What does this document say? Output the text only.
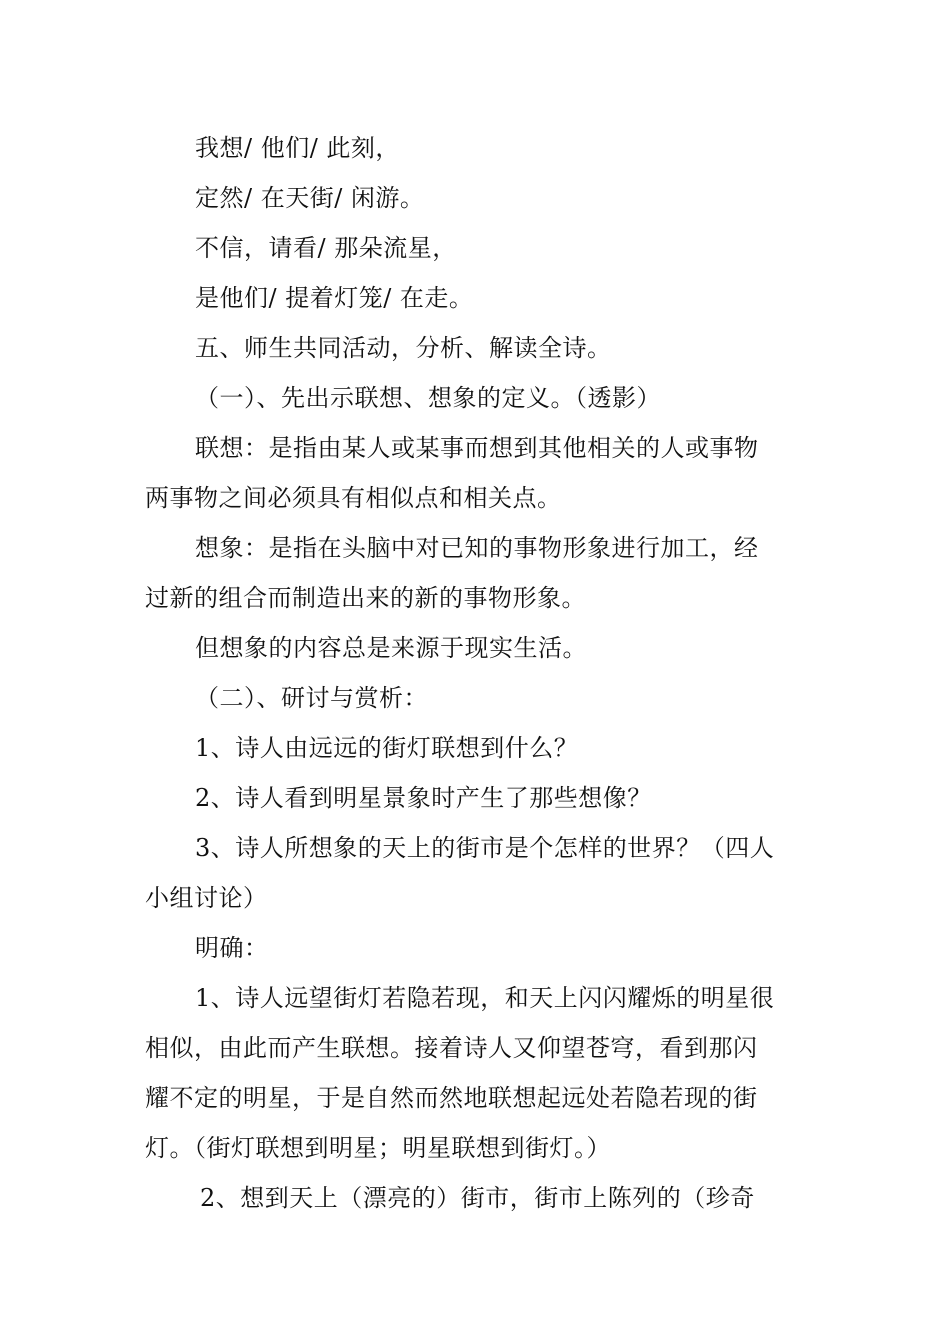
我想/ 他们/ 此刻，
定然/ 在天街/ 闲游。
不信，请看/ 那朵流星，
是他们/ 提着灯笼/ 在走。
五、师生共同活动，分析、解读全诗。
（一）、先出示联想、想象的定义。（透影）
联想：是指由某人或某事而想到其他相关的人或事物
两事物之间必须具有相似点和相关点。
想象：是指在头脑中对已知的事物形象进行加工，经
过新的组合而制造出来的新的事物形象。
但想象的内容总是来源于现实生活。
（二）、研讨与赏析：
1、诗人由远远的街灯联想到什么？
2、诗人看到明星景象时产生了那些想像？
3、诗人所想象的天上的街市是个怎样的世界？（四人
小组讨论）
明确：
1、诗人远望街灯若隐若现，和天上闪闪耀烁的明星很
相似，由此而产生联想。接着诗人又仰望苍穹，看到那闪
耀不定的明星，于是自然而然地联想起远处若隐若现的街
灯。（街灯联想到明星；明星联想到街灯。）
2、想到天上（漂亮的）街市，街市上陈列的（珍奇
